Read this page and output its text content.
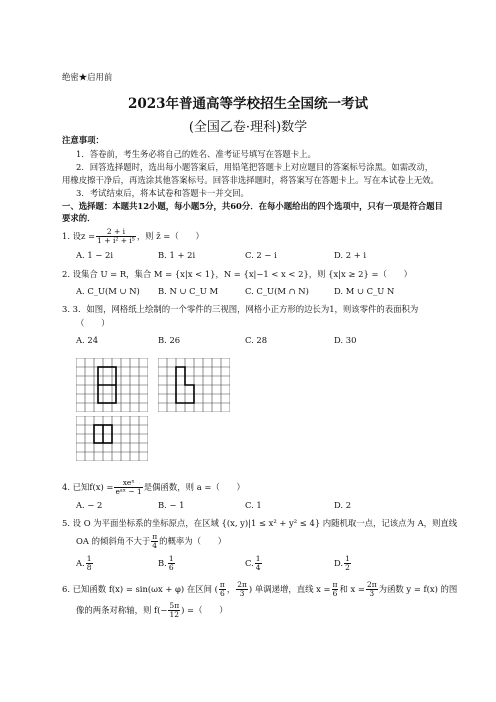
绝密★启用前
2023年普通高等学校招生全国统一考试
(全国乙卷·理科)数学
注意事项：
1．答卷前，考生务必将自己的姓名、准考证号填写在答题卡上。
2．回答选择题时，选出每小题答案后，用铅笔把答题卡上对应题目的答案标号涂黑。如需改动，
用橡皮擦干净后，再选涂其他答案标号。回答非选择题时，将答案写在答题卡上。写在本试卷上无效。
3．考试结束后，将本试卷和答题卡一并交回。
一、选择题：本题共12小题，每小题5分，共60分．在每小题给出的四个选项中，只有一项是符合题目
要求的．
1. 设 $z = \frac{2 + i}{\text{1 + i² + i⁵}}$ ，则 z̄ =（　　）
A. 1 − 2i	B. 1 + 2i	C. 2 − i	D. 2 + i
2. 设集合 U = R，集合 M = {x|x < 1}，N = {x|−1 < x < 2}，则 {x|x ≥ 2} =（　　）
A. C_U(M ∪ N) B. N ∪ C_U M	C. C_U(M ∩ N)	D. M ∪ C_U N
3. 3．如图，网格纸上绘制的一个零件的三视图，网格小正方形的边长为1，则该零件的表面积为
（　　）
A. 24	B. 26	C. 28	D. 30
4. 已知 $f(x) = \frac{\text{xeˣ}}{\text{eᵃˣ − 1}}$ 是偶函数，则 a =（　　）
A. − 2	B. − 1	C. 1	D. 2
5. 设 O 为平面坐标系的坐标原点，在区域 {(x, y)|1 ≤ x² + y² ≤ 4} 内随机取一点，记该点为 A，则直线
OA 的倾斜角不大于 $\frac{\pi}{4}$ 的概率为（　　）
A. $\frac{1}{8}$	B. $\frac{1}{6}$	C. $\frac{1}{4}$	D. $\frac{1}{2}$
6. 已知函数 f(x) = sin(ωx + φ) 在区间 ( $\frac{\pi}{6}$ ， $\frac{2\pi}{3}$ ) 单调递增，直线 $x = \frac{\pi}{6}$ 和 $x = \frac{2\pi}{3}$ 为函数 y = f(x) 的图
像的两条对称轴，则 $f(- \frac{5\pi}{12}$ ) =（　　）
